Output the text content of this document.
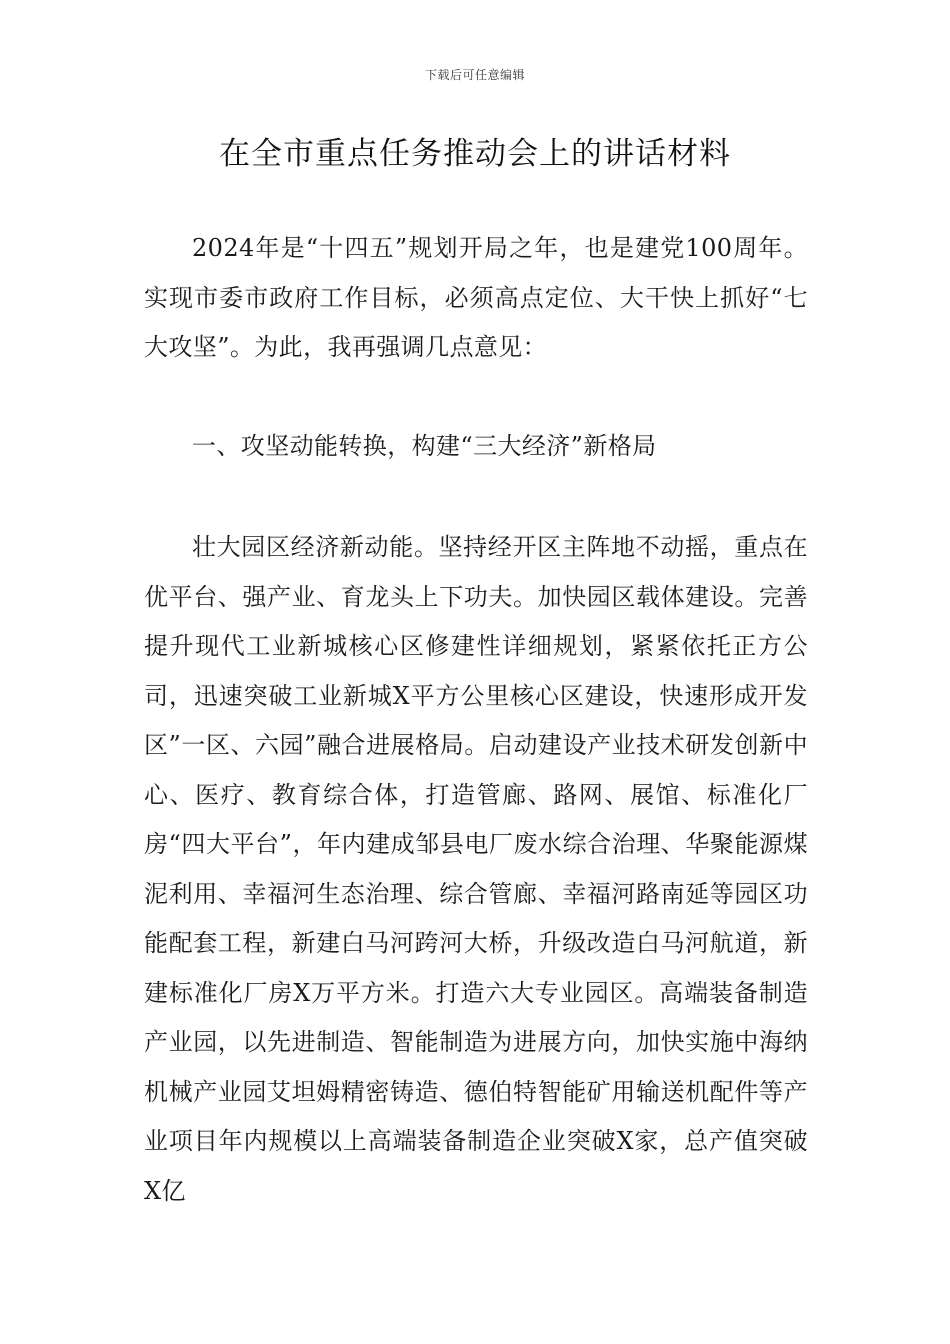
下载后可任意编辑
在全市重点任务推动会上的讲话材料

2024年是“十四五”规划开局之年，也是建党100周年。实现市委市政府工作目标，必须高点定位、大干快上抓好“七大攻坚”。为此，我再强调几点意见：

一、攻坚动能转换，构建“三大经济”新格局

壮大园区经济新动能。坚持经开区主阵地不动摇，重点在优平台、强产业、育龙头上下功夫。加快园区载体建设。完善提升现代工业新城核心区修建性详细规划，紧紧依托正方公司，迅速突破工业新城X平方公里核心区建设，快速形成开发区”一区、六园”融合进展格局。启动建设产业技术研发创新中心、医疗、教育综合体，打造管廊、路网、展馆、标准化厂房“四大平台”，年内建成邹县电厂废水综合治理、华聚能源煤泥利用、幸福河生态治理、综合管廊、幸福河路南延等园区功能配套工程，新建白马河跨河大桥，升级改造白马河航道，新建标准化厂房X万平方米。打造六大专业园区。高端装备制造产业园，以先进制造、智能制造为进展方向，加快实施中海纳机械产业园艾坦姆精密铸造、德伯特智能矿用输送机配件等产业项目年内规模以上高端装备制造企业突破X家，总产值突破X亿
